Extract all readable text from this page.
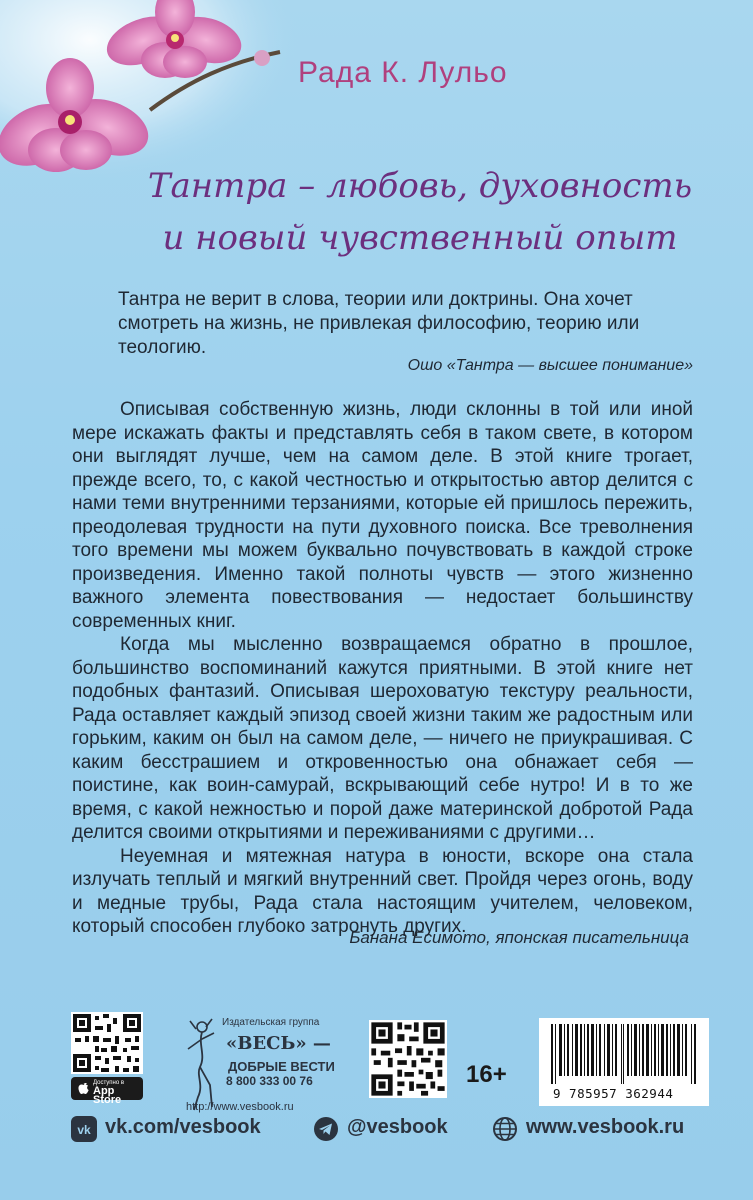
Рада К. Лульо
Тантра – любовь, духовность
и новый чувственный опыт
Тантра не верит в слова, теории или доктрины. Она хочет смотреть на жизнь, не привлекая философию, теорию или теологию.
Ошо «Тантра — высшее понимание»

Описывая собственную жизнь, люди склонны в той или иной мере искажать факты и представлять себя в таком свете, в котором они выглядят лучше, чем на самом деле. В этой книге трогает, прежде всего, то, с какой честностью и открытостью автор делится с нами теми внутренними терзаниями, которые ей пришлось пережить, преодолевая трудности на пути духовного поиска. Все треволнения того времени мы можем буквально почувствовать в каждой строке произведения. Именно такой полноты чувств — этого жизненно важного элемента повествования — недостает большинству современных книг.

Когда мы мысленно возвращаемся обратно в прошлое, большинство воспоминаний кажутся приятными. В этой книге нет подобных фантазий. Описывая шероховатую текстуру реальности, Рада оставляет каждый эпизод своей жизни таким же радостным или горьким, каким он был на самом деле, — ничего не приукрашивая. С каким бесстрашием и откровенностью она обнажает себя — поистине, как воин-самурай, вскрывающий себе нутро! И в то же время, с какой нежностью и порой даже материнской добротой Рада делится своими открытиями и переживаниями с другими…

Неуемная и мятежная натура в юности, вскоре она стала излучать теплый и мягкий внутренний свет. Пройдя через огонь, воду и медные трубы, Рада стала настоящим учителем, человеком, который способен глубоко затронуть других.

Банана Есимото, японская писательница
Доступно в
App Store
Издательская группа
«ВЕСЬ» —
ДОБРЫЕ ВЕСТИ
8 800 333 00 76
http://www.vesbook.ru
16+
9 785957 362944
vk vk.com/vesbook	@vesbook	www.vesbook.ru
